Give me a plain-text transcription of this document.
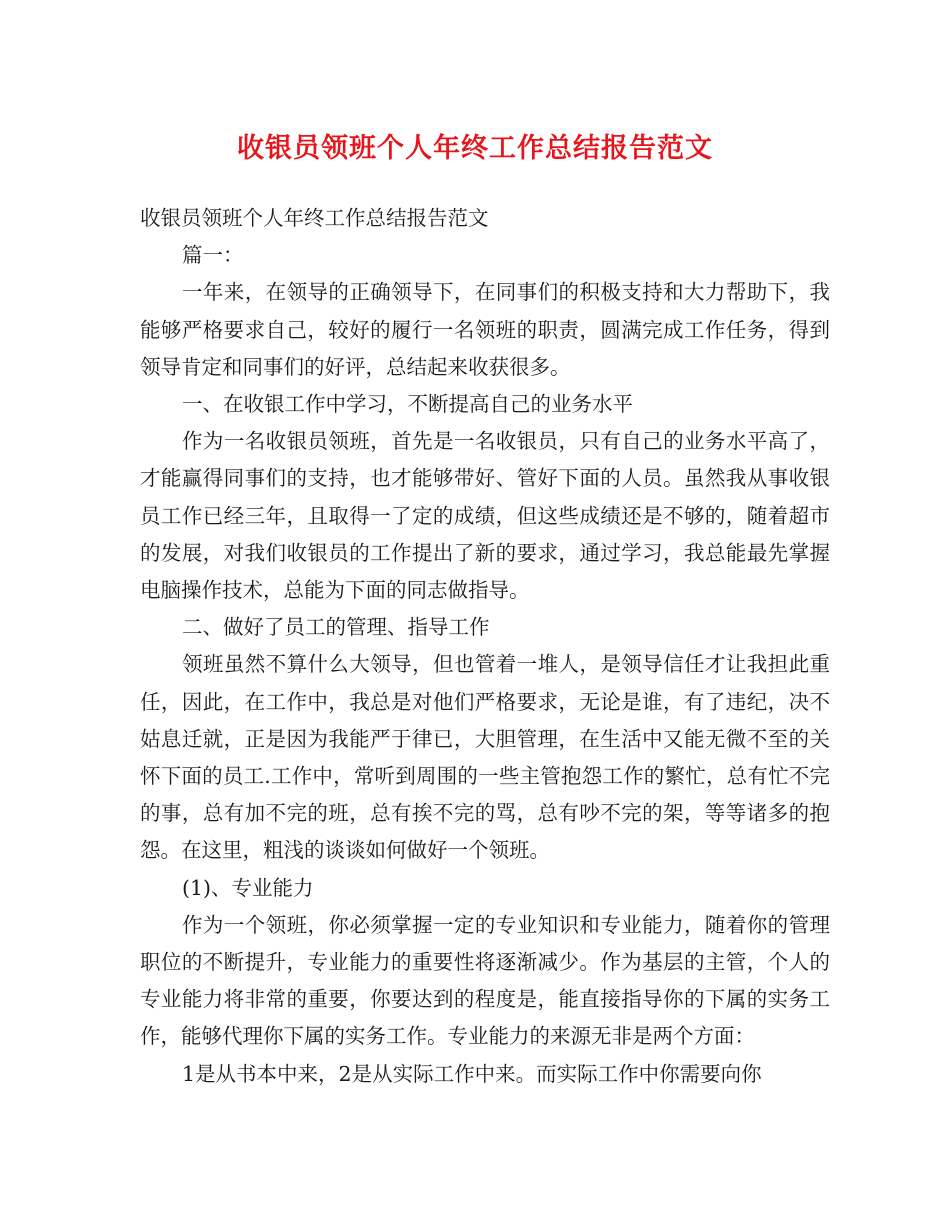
收银员领班个人年终工作总结报告范文

收银员领班个人年终工作总结报告范文

篇一：

一年来，在领导的正确领导下，在同事们的积极支持和大力帮助下，我能够严格要求自己，较好的履行一名领班的职责，圆满完成工作任务，得到领导肯定和同事们的好评，总结起来收获很多。

一、在收银工作中学习，不断提高自己的业务水平

作为一名收银员领班，首先是一名收银员，只有自己的业务水平高了，才能赢得同事们的支持，也才能够带好、管好下面的人员。虽然我从事收银员工作已经三年，且取得一了定的成绩，但这些成绩还是不够的，随着超市的发展，对我们收银员的工作提出了新的要求，通过学习，我总能最先掌握电脑操作技术，总能为下面的同志做指导。

二、做好了员工的管理、指导工作

领班虽然不算什么大领导，但也管着一堆人，是领导信任才让我担此重任，因此，在工作中，我总是对他们严格要求，无论是谁，有了违纪，决不姑息迁就，正是因为我能严于律已，大胆管理，在生活中又能无微不至的关怀下面的员工.工作中，常听到周围的一些主管抱怨工作的繁忙，总有忙不完的事，总有加不完的班，总有挨不完的骂，总有吵不完的架，等等诸多的抱怨。在这里，粗浅的谈谈如何做好一个领班。

(1)、专业能力

作为一个领班，你必须掌握一定的专业知识和专业能力，随着你的管理职位的不断提升，专业能力的重要性将逐渐减少。作为基层的主管，个人的专业能力将非常的重要，你要达到的程度是，能直接指导你的下属的实务工作，能够代理你下属的实务工作。专业能力的来源无非是两个方面：

1是从书本中来，2是从实际工作中来。而实际工作中你需要向你
